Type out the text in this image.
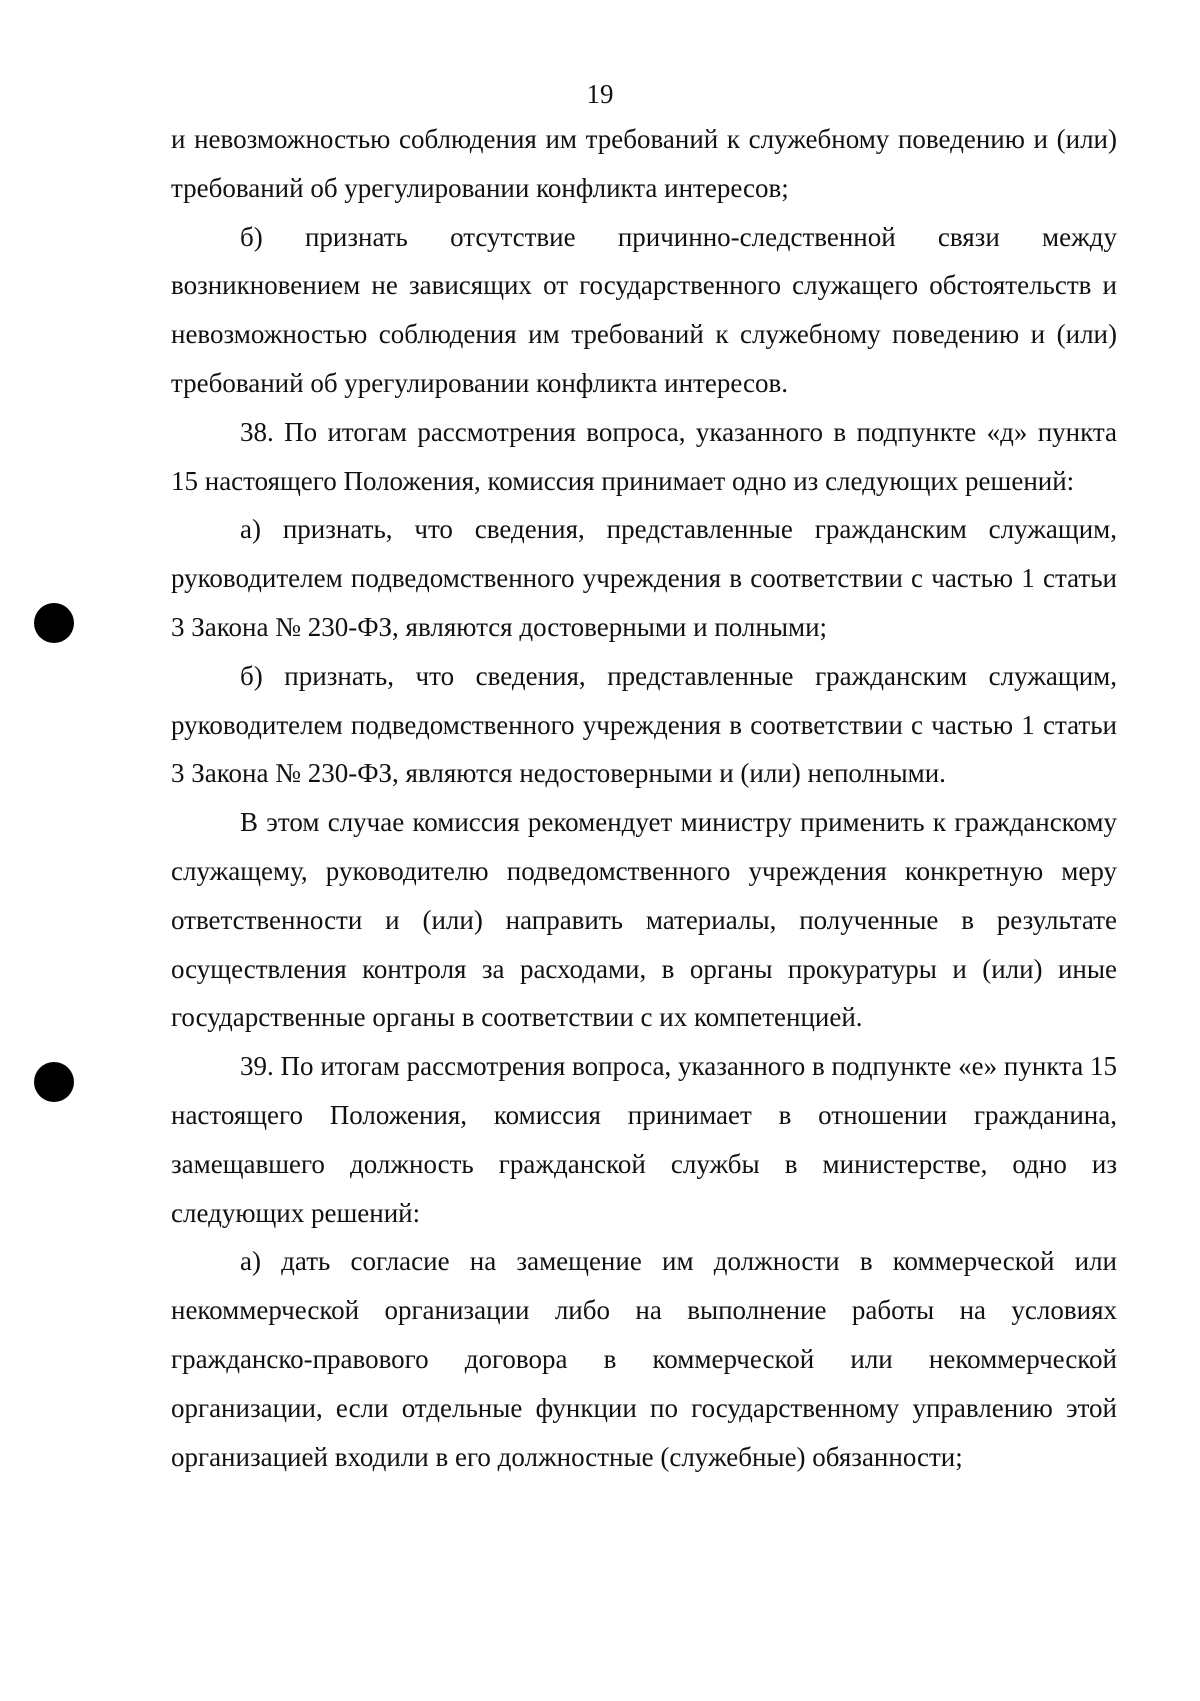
19

и невозможностью соблюдения им требований к служебному поведению и (или) требований об урегулировании конфликта интересов;

б) признать отсутствие причинно-следственной связи между возникновением не зависящих от государственного служащего обстоятельств и невозможностью соблюдения им требований к служебному поведению и (или) требований об урегулировании конфликта интересов.

38. По итогам рассмотрения вопроса, указанного в подпункте «д» пункта 15 настоящего Положения, комиссия принимает одно из следующих решений:

а) признать, что сведения, представленные гражданским служащим, руководителем подведомственного учреждения в соответствии с частью 1 статьи 3 Закона № 230-ФЗ, являются достоверными и полными;

б) признать, что сведения, представленные гражданским служащим, руководителем подведомственного учреждения в соответствии с частью 1 статьи 3 Закона № 230-ФЗ, являются недостоверными и (или) неполными.

В этом случае комиссия рекомендует министру применить к гражданскому служащему, руководителю подведомственного учреждения конкретную меру ответственности и (или) направить материалы, полученные в результате осуществления контроля за расходами, в органы прокуратуры и (или) иные государственные органы в соответствии с их компетенцией.

39. По итогам рассмотрения вопроса, указанного в подпункте «е» пункта 15 настоящего Положения, комиссия принимает в отношении гражданина, замещавшего должность гражданской службы в министерстве, одно из следующих решений:

а) дать согласие на замещение им должности в коммерческой или некоммерческой организации либо на выполнение работы на условиях гражданско-правового договора в коммерческой или некоммерческой организации, если отдельные функции по государственному управлению этой организацией входили в его должностные (служебные) обязанности;
